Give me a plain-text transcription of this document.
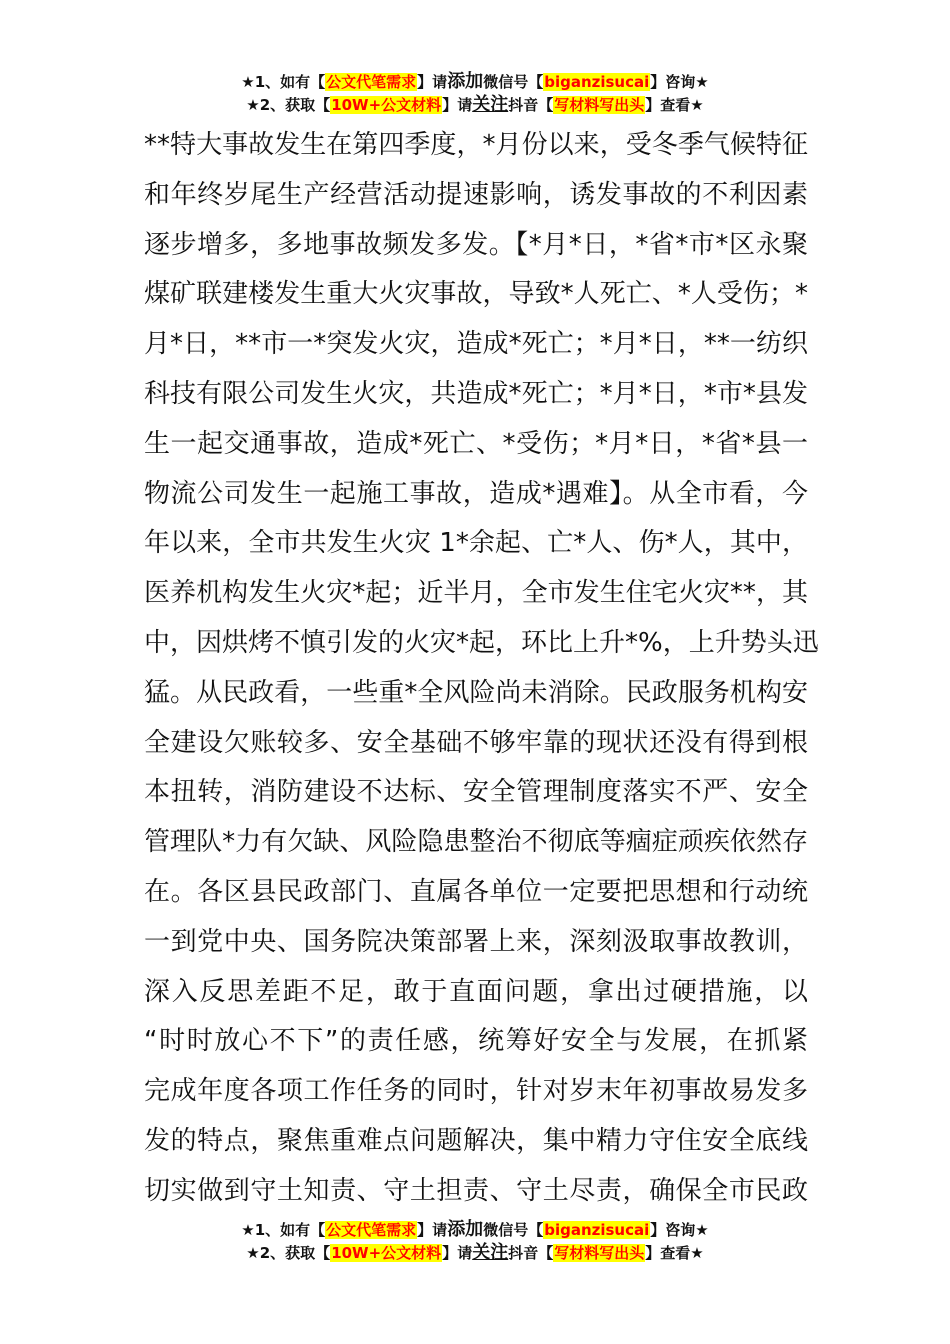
★1、如有【公文代笔需求】请添加微信号【biganzisucai】咨询★
★2、获取【10W+公文材料】请关注抖音【写材料写出头】查看★
**特大事故发生在第四季度，*月份以来，受冬季气候特征
和年终岁尾生产经营活动提速影响，诱发事故的不利因素
逐步增多，多地事故频发多发。【*月*日，*省*市*区永聚
煤矿联建楼发生重大火灾事故，导致*人死亡、*人受伤；*
月*日，**市一*突发火灾，造成*死亡；*月*日，**一纺织
科技有限公司发生火灾，共造成*死亡；*月*日，*市*县发
生一起交通事故，造成*死亡、*受伤；*月*日，*省*县一
物流公司发生一起施工事故，造成*遇难】。从全市看，今
年以来，全市共发生火灾 1*余起、亡*人、伤*人，其中，
医养机构发生火灾*起；近半月，全市发生住宅火灾**，其
中，因烘烤不慎引发的火灾*起，环比上升*%，上升势头迅
猛。从民政看，一些重*全风险尚未消除。民政服务机构安
全建设欠账较多、安全基础不够牢靠的现状还没有得到根
本扭转，消防建设不达标、安全管理制度落实不严、安全
管理队*力有欠缺、风险隐患整治不彻底等痼症顽疾依然存
在。各区县民政部门、直属各单位一定要把思想和行动统
一到党中央、国务院决策部署上来，深刻汲取事故教训，
深入反思差距不足，敢于直面问题，拿出过硬措施，以
“时时放心不下”的责任感，统筹好安全与发展，在抓紧
完成年度各项工作任务的同时，针对岁末年初事故易发多
发的特点，聚焦重难点问题解决，集中精力守住安全底线
切实做到守土知责、守土担责、守土尽责，确保全市民政
★1、如有【公文代笔需求】请添加微信号【biganzisucai】咨询★
★2、获取【10W+公文材料】请关注抖音【写材料写出头】查看★
